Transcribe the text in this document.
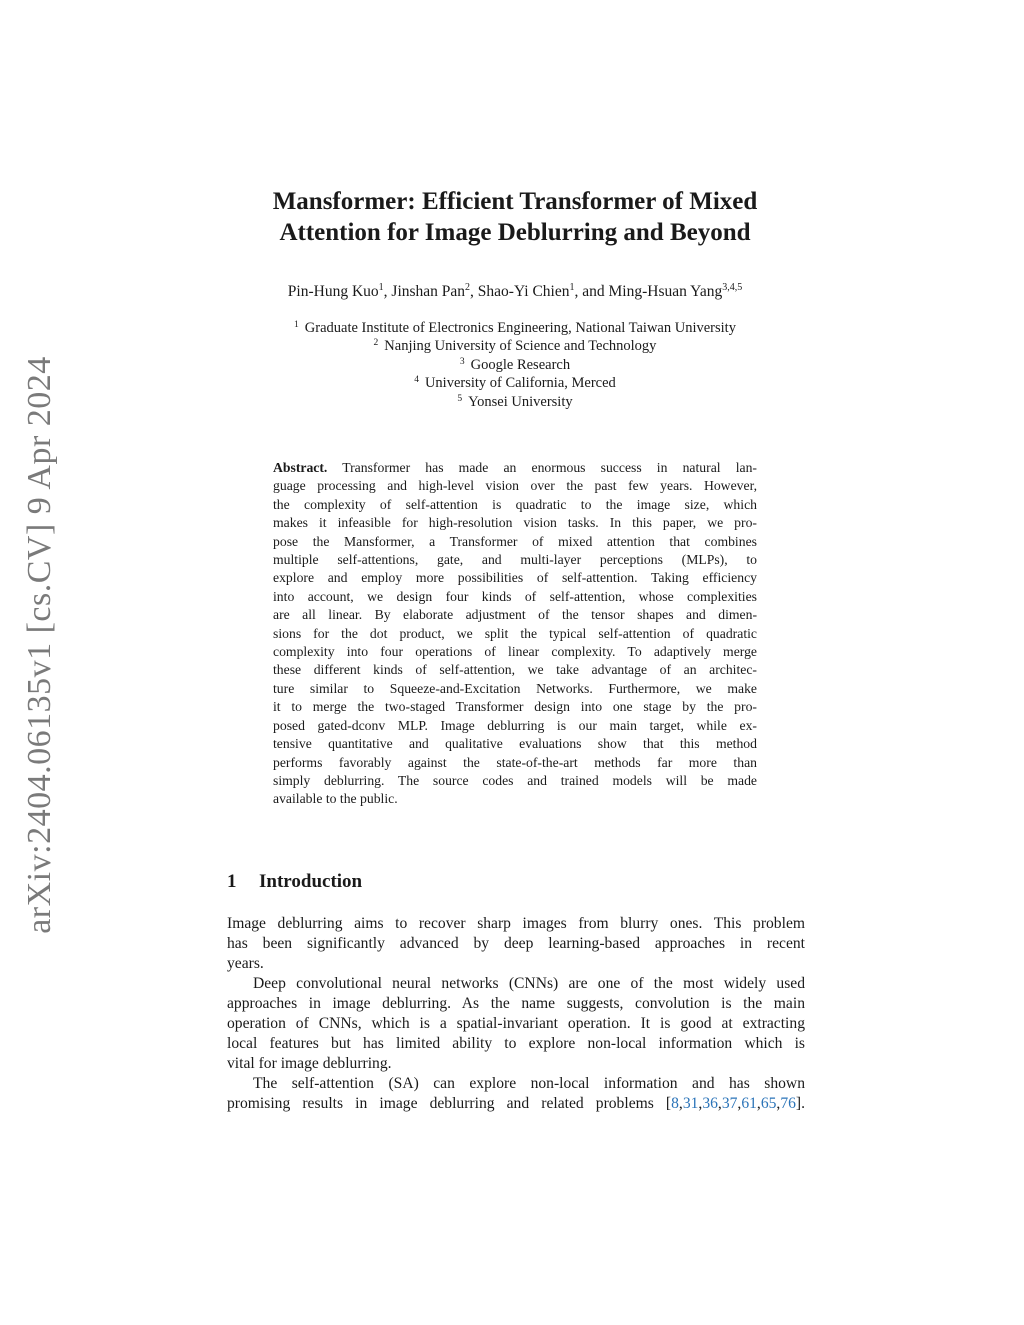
arXiv:2404.06135v1 [cs.CV] 9 Apr 2024
Mansformer: Efficient Transformer of Mixed
Attention for Image Deblurring and Beyond
Pin-Hung Kuo$^1$, Jinshan Pan$^2$, Shao-Yi Chien$^1$, and Ming-Hsuan Yang$^{3,4,5}$
$^1$ Graduate Institute of Electronics Engineering, National Taiwan University
$^2$ Nanjing University of Science and Technology
$^3$ Google Research
$^4$ University of California, Merced
$^5$ Yonsei University
Abstract. Transformer has made an enormous success in natural lan-
guage processing and high-level vision over the past few years. However,
the complexity of self-attention is quadratic to the image size, which
makes it infeasible for high-resolution vision tasks. In this paper, we pro-
pose the Mansformer, a Transformer of mixed attention that combines
multiple self-attentions, gate, and multi-layer perceptions (MLPs), to
explore and employ more possibilities of self-attention. Taking efficiency
into account, we design four kinds of self-attention, whose complexities
are all linear. By elaborate adjustment of the tensor shapes and dimen-
sions for the dot product, we split the typical self-attention of quadratic
complexity into four operations of linear complexity. To adaptively merge
these different kinds of self-attention, we take advantage of an architec-
ture similar to Squeeze-and-Excitation Networks. Furthermore, we make
it to merge the two-staged Transformer design into one stage by the pro-
posed gated-dconv MLP. Image deblurring is our main target, while ex-
tensive quantitative and qualitative evaluations show that this method
performs favorably against the state-of-the-art methods far more than
simply deblurring. The source codes and trained models will be made
available to the public.
1 Introduction
Image deblurring aims to recover sharp images from blurry ones. This problem
has been significantly advanced by deep learning-based approaches in recent
years.
Deep convolutional neural networks (CNNs) are one of the most widely used
approaches in image deblurring. As the name suggests, convolution is the main
operation of CNNs, which is a spatial-invariant operation. It is good at extracting
local features but has limited ability to explore non-local information which is
vital for image deblurring.
The self-attention (SA) can explore non-local information and has shown
promising results in image deblurring and related problems [8,31,36,37,61,65,76].
